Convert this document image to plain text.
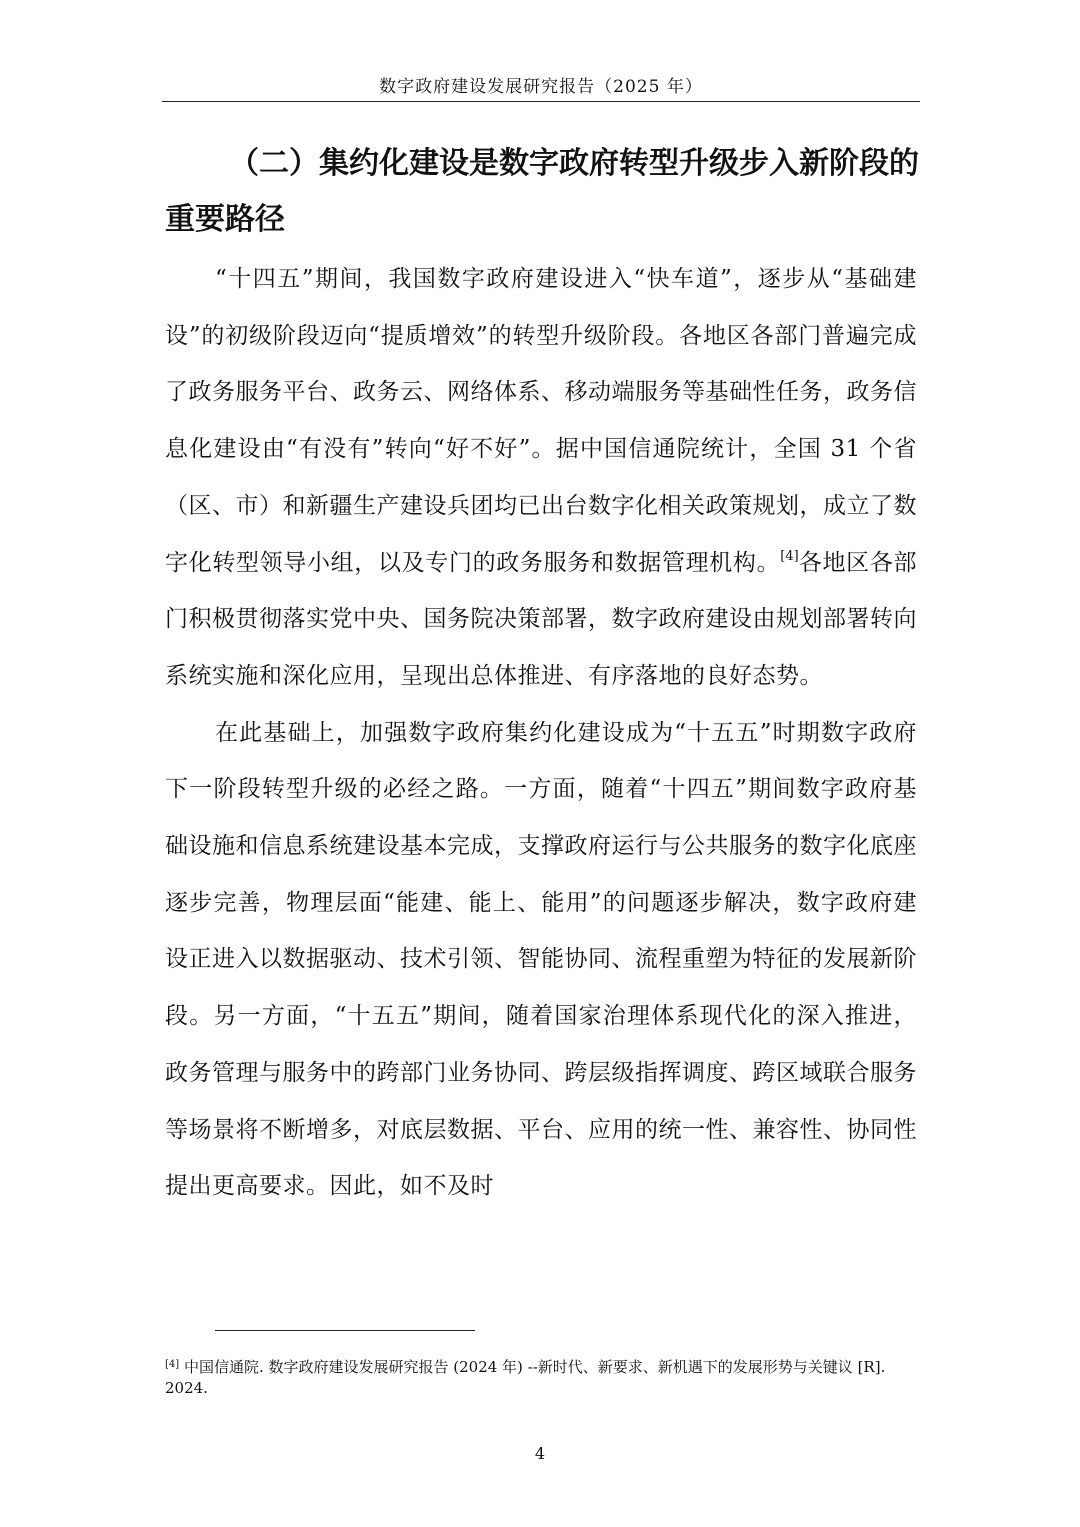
数字政府建设发展研究报告（2025 年）
（二）集约化建设是数字政府转型升级步入新阶段的
重要路径

“十四五”期间，我国数字政府建设进入“快车道”，逐步从“基础建设”的初级阶段迈向“提质增效”的转型升级阶段。各地区各部门普遍完成了政务服务平台、政务云、网络体系、移动端服务等基础性任务，政务信息化建设由“有没有”转向“好不好”。据中国信通院统计，全国 31 个省（区、市）和新疆生产建设兵团均已出台数字化相关政策规划，成立了数字化转型领导小组，以及专门的政务服务和数据管理机构。[4]各地区各部门积极贯彻落实党中央、国务院决策部署，数字政府建设由规划部署转向系统实施和深化应用，呈现出总体推进、有序落地的良好态势。

在此基础上，加强数字政府集约化建设成为“十五五”时期数字政府下一阶段转型升级的必经之路。一方面，随着“十四五”期间数字政府基础设施和信息系统建设基本完成，支撑政府运行与公共服务的数字化底座逐步完善，物理层面“能建、能上、能用”的问题逐步解决，数字政府建设正进入以数据驱动、技术引领、智能协同、流程重塑为特征的发展新阶段。另一方面，“十五五”期间，随着国家治理体系现代化的深入推进，政务管理与服务中的跨部门业务协同、跨层级指挥调度、跨区域联合服务等场景将不断增多，对底层数据、平台、应用的统一性、兼容性、协同性提出更高要求。因此，如不及时

[4] 中国信通院. 数字政府建设发展研究报告 (2024 年) --新时代、新要求、新机遇下的发展形势与关键议 [R]. 2024.
4
